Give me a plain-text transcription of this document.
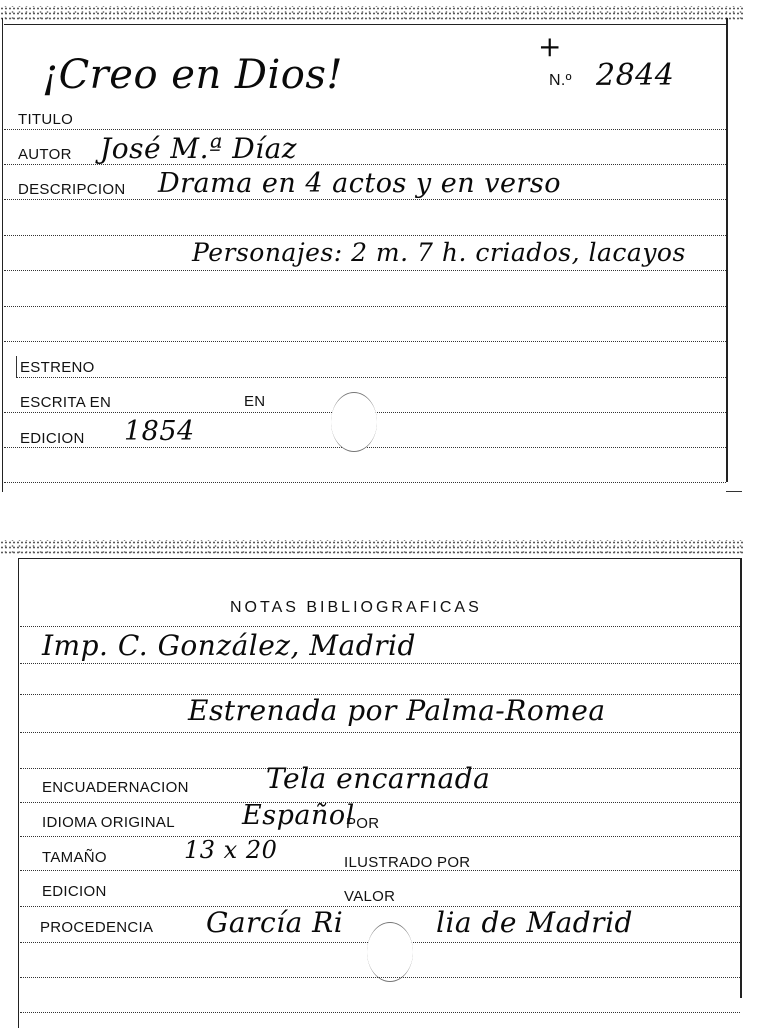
¡Creo en Dios!
+
N.º 2844
TITULO
AUTOR José M.ª Díaz
DESCRIPCION Drama en 4 actos y en verso
Personajes: 2 m. 7 h. criados, lacayos
ESTRENO
ESCRITA EN	EN
EDICION 1854
NOTAS BIBLIOGRAFICAS
Imp. C. González, Madrid
Estrenada por Palma-Romea
ENCUADERNACION	Tela encarnada
IDIOMA ORIGINAL Español
POR
TAMAÑO	13 x 20	ILUSTRADO POR
EDICION	VALOR
PROCEDENCIA García Ri	lia de Madrid
